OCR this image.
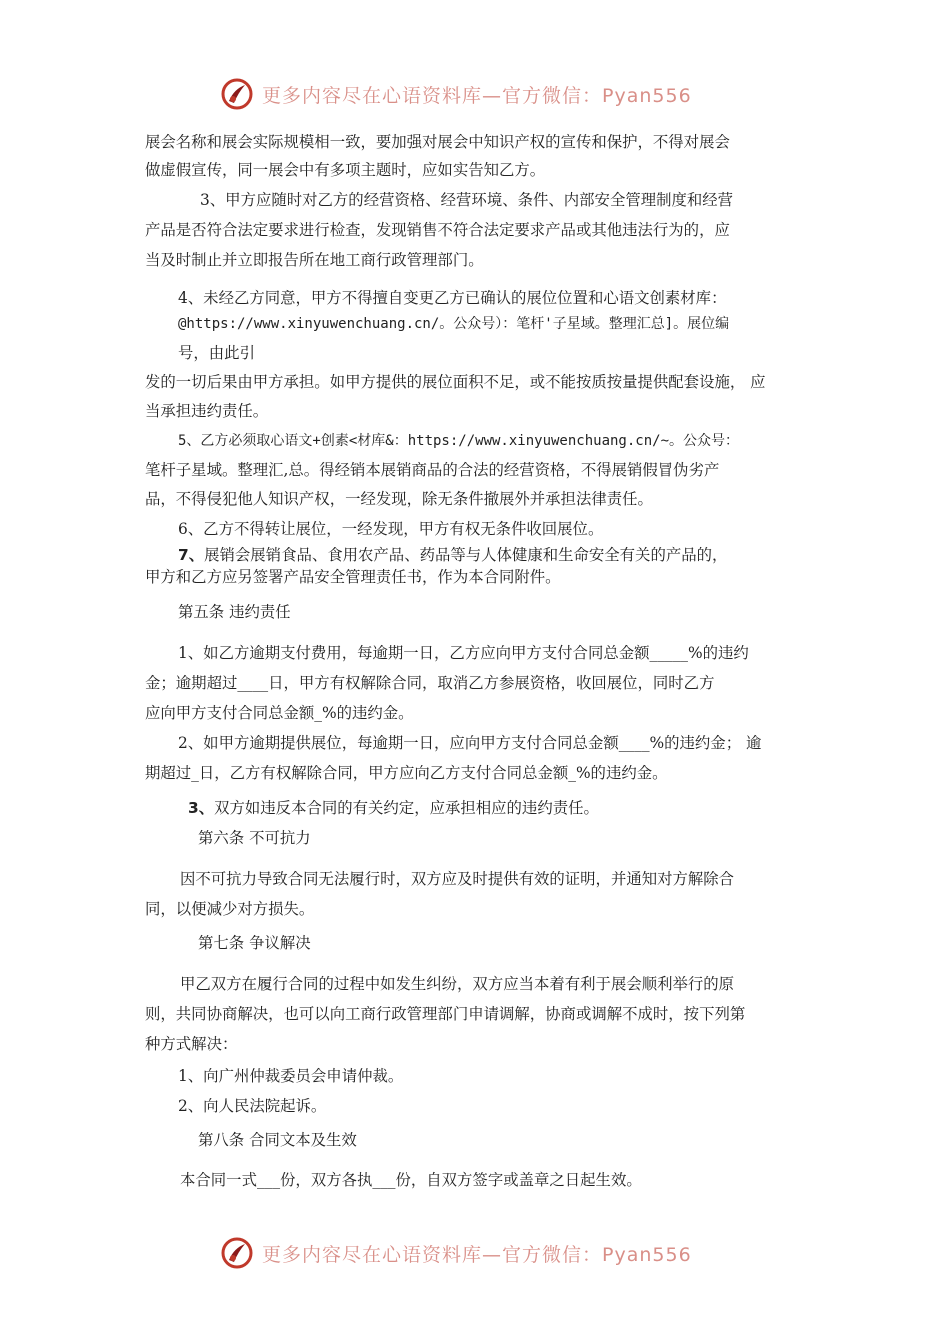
更多内容尽在心语资料库—官方微信：Pyan556
展会名称和展会实际规模相一致，要加强对展会中知识产权的宣传和保护，不得对展会
做虚假宣传，同一展会中有多项主题时，应如实告知乙方。
3、甲方应随时对乙方的经营资格、经营环境、条件、内部安全管理制度和经营
产品是否符合法定要求进行检查，发现销售不符合法定要求产品或其他违法行为的，应
当及时制止并立即报告所在地工商行政管理部门。
4、未经乙方同意，甲方不得擅自变更乙方已确认的展位位置和心语文创素材库：
@https://www.xinyuwenchuang.cn/。公众号）：笔杆'子星域。整理汇总]。展位编
号，由此引
发的一切后果由甲方承担。如甲方提供的展位面积不足，或不能按质按量提供配套设施， 应
当承担违约责任。
5、乙方必须取心语文+创素<材库&：https://www.xinyuwenchuang.cn/~。公众号：
笔杆子星域。整理汇,总。得经销本展销商品的合法的经营资格，不得展销假冒伪劣产
品，不得侵犯他人知识产权，一经发现，除无条件撤展外并承担法律责任。
6、乙方不得转让展位，一经发现，甲方有权无条件收回展位。
7、展销会展销食品、食用农产品、药品等与人体健康和生命安全有关的产品的，
甲方和乙方应另签署产品安全管理责任书，作为本合同附件。
第五条 违约责任
1、如乙方逾期支付费用，每逾期一日，乙方应向甲方支付合同总金额_____%的违约
金；逾期超过____日，甲方有权解除合同，取消乙方参展资格，收回展位，同时乙方
应向甲方支付合同总金额_%的违约金。
2、如甲方逾期提供展位，每逾期一日，应向甲方支付合同总金额____%的违约金； 逾
期超过_日，乙方有权解除合同，甲方应向乙方支付合同总金额_%的违约金。
3、双方如违反本合同的有关约定，应承担相应的违约责任。
第六条 不可抗力
因不可抗力导致合同无法履行时，双方应及时提供有效的证明，并通知对方解除合
同，以便减少对方损失。
第七条 争议解决
甲乙双方在履行合同的过程中如发生纠纷，双方应当本着有利于展会顺利举行的原
则，共同协商解决，也可以向工商行政管理部门申请调解，协商或调解不成时，按下列第
种方式解决：
1、向广州仲裁委员会申请仲裁。
2、向人民法院起诉。
第八条 合同文本及生效
本合同一式___份，双方各执___份，自双方签字或盖章之日起生效。
更多内容尽在心语资料库—官方微信：Pyan556
